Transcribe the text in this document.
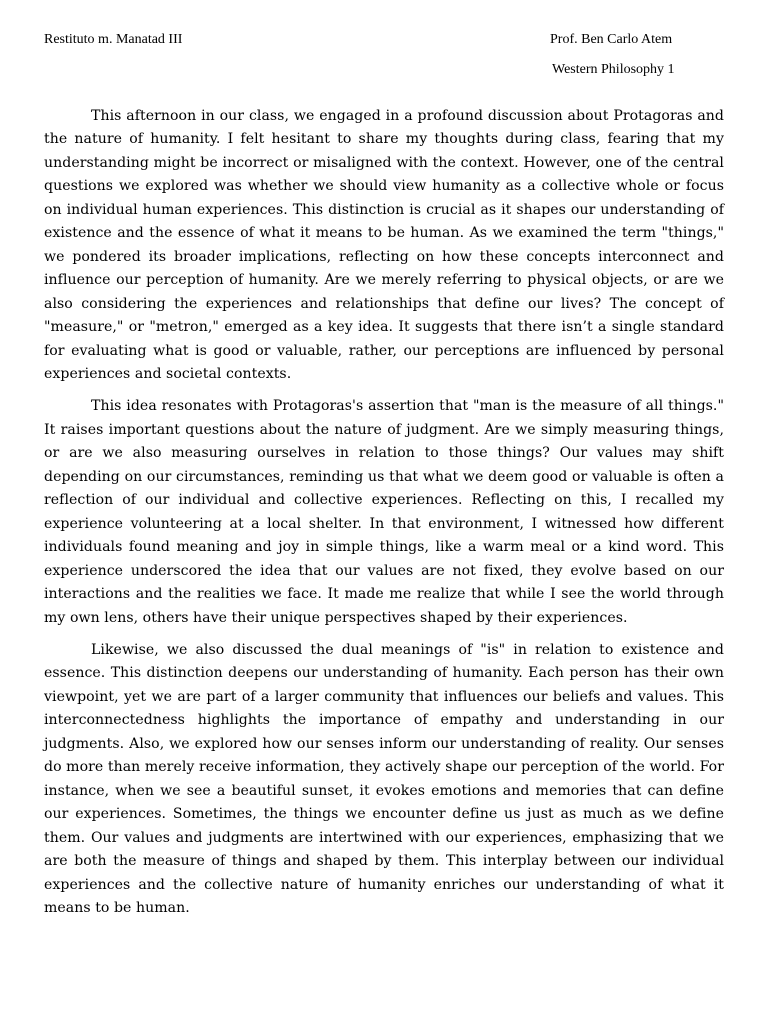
Restituto m. Manatad III	Prof. Ben Carlo Atem
Western Philosophy 1

This afternoon in our class, we engaged in a profound discussion about Protagoras and the nature of humanity. I felt hesitant to share my thoughts during class, fearing that my understanding might be incorrect or misaligned with the context. However, one of the central questions we explored was whether we should view humanity as a collective whole or focus on individual human experiences. This distinction is crucial as it shapes our understanding of existence and the essence of what it means to be human. As we examined the term "things," we pondered its broader implications, reflecting on how these concepts interconnect and influence our perception of humanity. Are we merely referring to physical objects, or are we also considering the experiences and relationships that define our lives? The concept of "measure," or "metron," emerged as a key idea. It suggests that there isn’t a single standard for evaluating what is good or valuable, rather, our perceptions are influenced by personal experiences and societal contexts.

This idea resonates with Protagoras's assertion that "man is the measure of all things." It raises important questions about the nature of judgment. Are we simply measuring things, or are we also measuring ourselves in relation to those things? Our values may shift depending on our circumstances, reminding us that what we deem good or valuable is often a reflection of our individual and collective experiences. Reflecting on this, I recalled my experience volunteering at a local shelter. In that environment, I witnessed how different individuals found meaning and joy in simple things, like a warm meal or a kind word. This experience underscored the idea that our values are not fixed, they evolve based on our interactions and the realities we face. It made me realize that while I see the world through my own lens, others have their unique perspectives shaped by their experiences.

Likewise, we also discussed the dual meanings of "is" in relation to existence and essence. This distinction deepens our understanding of humanity. Each person has their own viewpoint, yet we are part of a larger community that influences our beliefs and values. This interconnectedness highlights the importance of empathy and understanding in our judgments. Also, we explored how our senses inform our understanding of reality. Our senses do more than merely receive information, they actively shape our perception of the world. For instance, when we see a beautiful sunset, it evokes emotions and memories that can define our experiences. Sometimes, the things we encounter define us just as much as we define them. Our values and judgments are intertwined with our experiences, emphasizing that we are both the measure of things and shaped by them. This interplay between our individual experiences and the collective nature of humanity enriches our understanding of what it means to be human.
